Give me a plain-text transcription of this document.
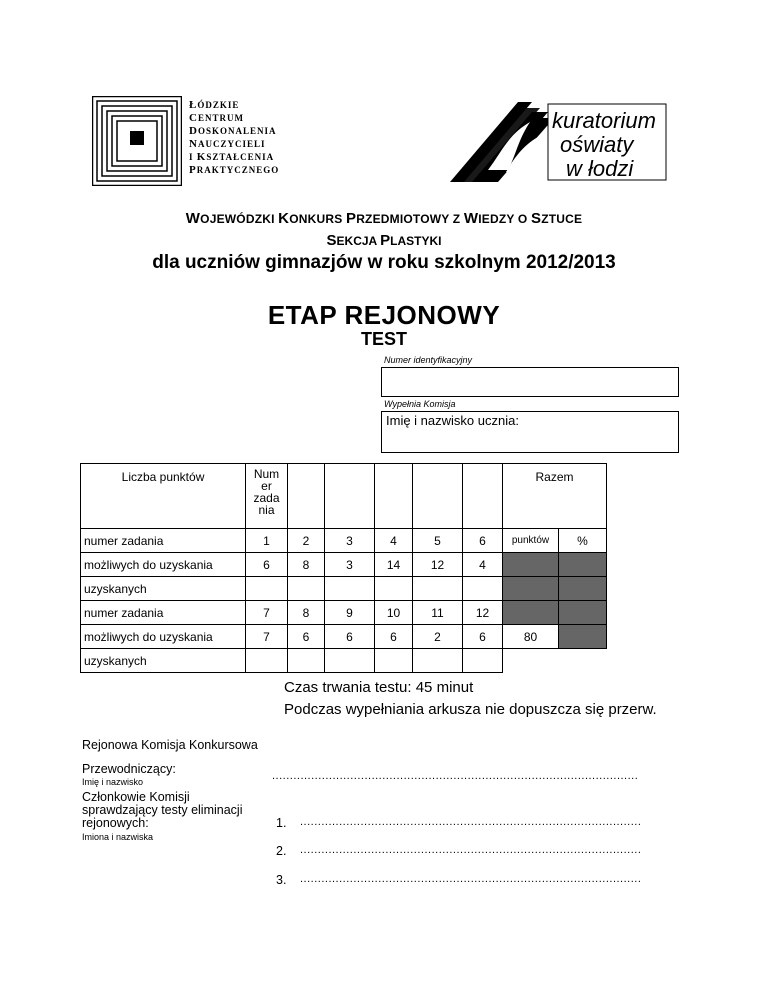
ŁÓDZKIE
CENTRUM
DOSKONALENIA
NAUCZYCIELI
I KSZTAŁCENIA
PRAKTYCZNEGO
kuratorium
oświaty
w łodzi
WOJEWÓDZKI KONKURS PRZEDMIOTOWY Z WIEDZY O SZTUCE
SEKCJA PLASTYKI
dla uczniów gimnazjów w roku szkolnym 2012/2013
ETAP REJONOWY
TEST
Numer identyfikacyjny
Wypełnia Komisja
Imię i nazwisko ucznia:
Liczba punktów	Num
er
zada
nia						Razem	
numer zadania	1	2	3	4	5	6	punktów	%
możliwych do uzyskania	6	8	3	14	12	4		
uzyskanych								
numer zadania	7	8	9	10	11	12		
możliwych do uzyskania	7	6	6	6	2	6	80	
uzyskanych								
Czas trwania testu: 45 minut
Podczas wypełniania arkusza nie dopuszcza się przerw.
Rejonowa Komisja Konkursowa
Przewodniczący:
Imię i nazwisko	.......................................................................................................
Członkowie Komisji
sprawdzający testy eliminacji
rejonowych:
Imiona i nazwiska
1. ................................................................................................
2. ................................................................................................
3. ................................................................................................
